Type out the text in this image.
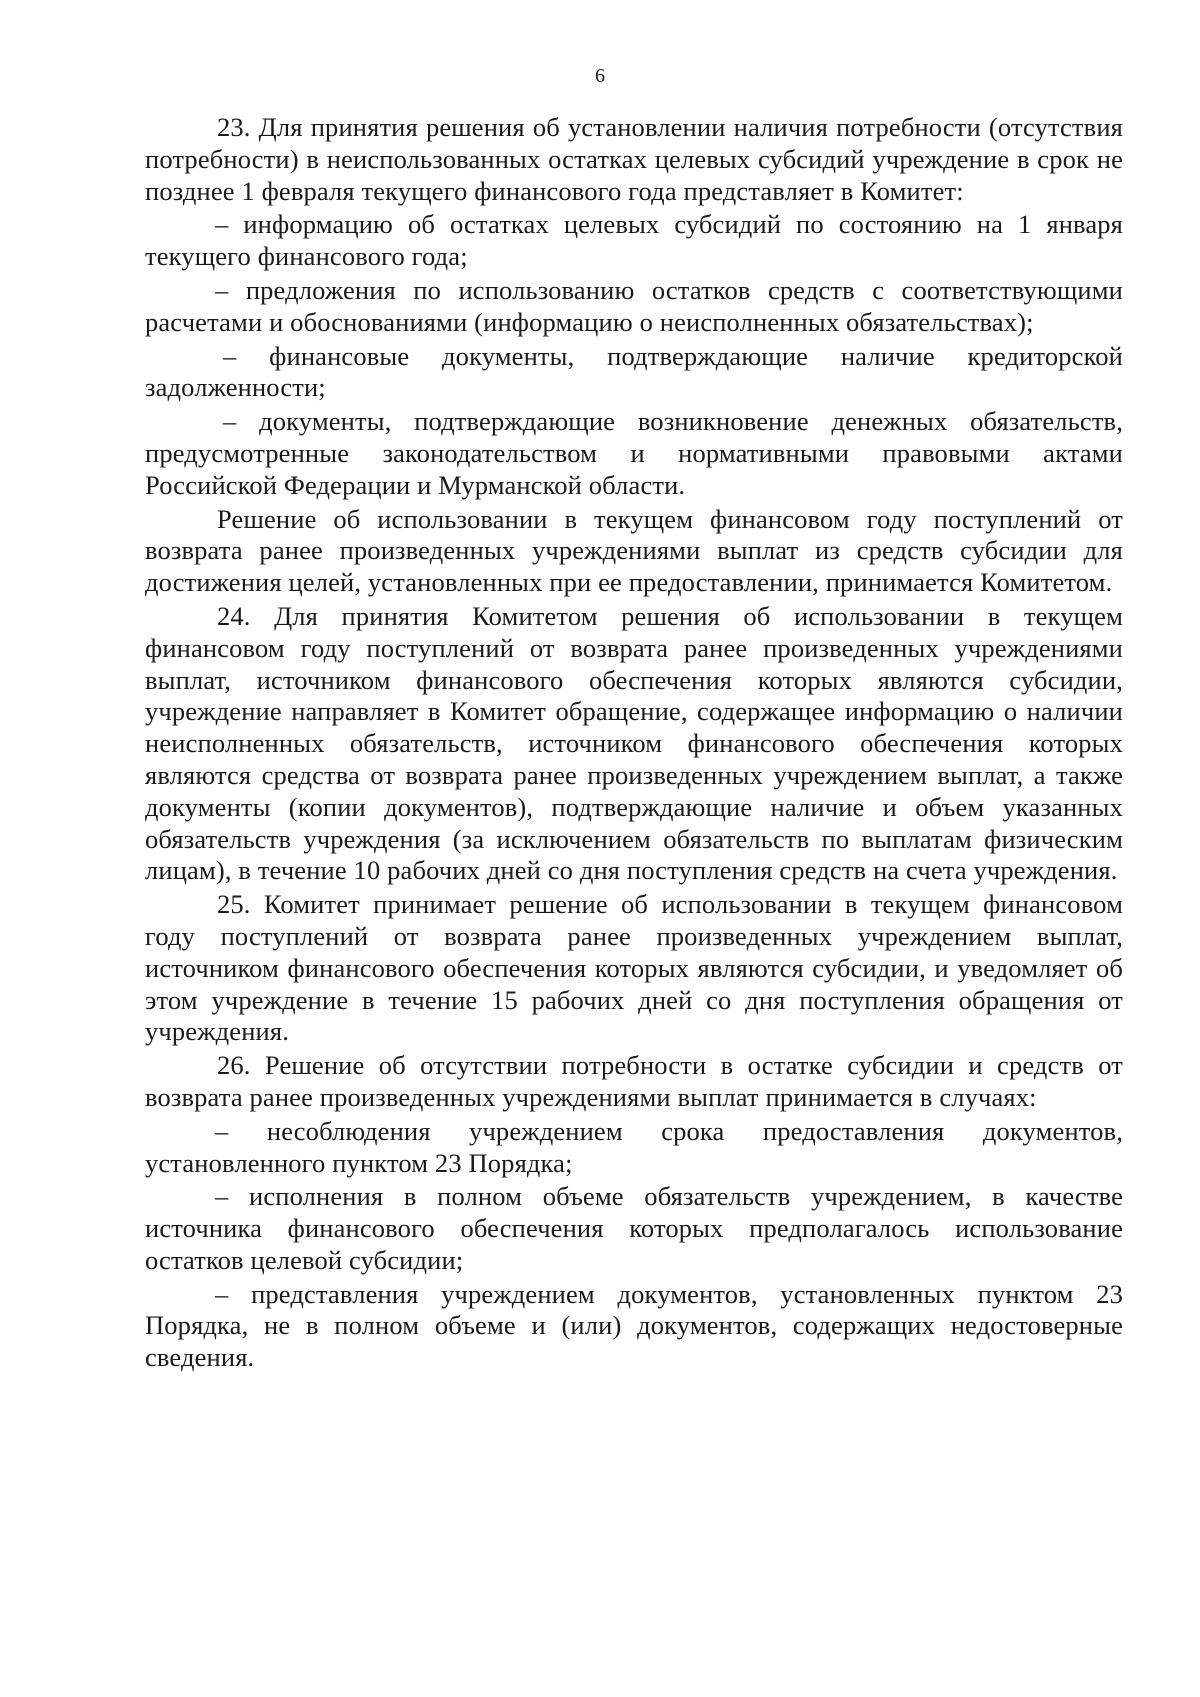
6

23. Для принятия решения об установлении наличия потребности (отсутствия потребности) в неиспользованных остатках целевых субсидий учреждение в срок не позднее 1 февраля текущего финансового года представляет в Комитет:

– информацию об остатках целевых субсидий по состоянию на 1 января текущего финансового года;

– предложения по использованию остатков средств с соответствующими расчетами и обоснованиями (информацию о неисполненных обязательствах);

– финансовые документы, подтверждающие наличие кредиторской задолженности;

– документы, подтверждающие возникновение денежных обязательств, предусмотренные законодательством и нормативными правовыми актами Российской Федерации и Мурманской области.

Решение об использовании в текущем финансовом году поступлений от возврата ранее произведенных учреждениями выплат из средств субсидии для достижения целей, установленных при ее предоставлении, принимается Комитетом.

24. Для принятия Комитетом решения об использовании в текущем финансовом году поступлений от возврата ранее произведенных учреждениями выплат, источником финансового обеспечения которых являются субсидии, учреждение направляет в Комитет обращение, содержащее информацию о наличии неисполненных обязательств, источником финансового обеспечения которых являются средства от возврата ранее произведенных учреждением выплат, а также документы (копии документов), подтверждающие наличие и объем указанных обязательств учреждения (за исключением обязательств по выплатам физическим лицам), в течение 10 рабочих дней со дня поступления средств на счета учреждения.

25. Комитет принимает решение об использовании в текущем финансовом году поступлений от возврата ранее произведенных учреждением выплат, источником финансового обеспечения которых являются субсидии, и уведомляет об этом учреждение в течение 15 рабочих дней со дня поступления обращения от учреждения.

26. Решение об отсутствии потребности в остатке субсидии и средств от возврата ранее произведенных учреждениями выплат принимается в случаях:

– несоблюдения учреждением срока предоставления документов, установленного пунктом 23 Порядка;

– исполнения в полном объеме обязательств учреждением, в качестве источника финансового обеспечения которых предполагалось использование остатков целевой субсидии;

– представления учреждением документов, установленных пунктом 23 Порядка, не в полном объеме и (или) документов, содержащих недостоверные сведения.
